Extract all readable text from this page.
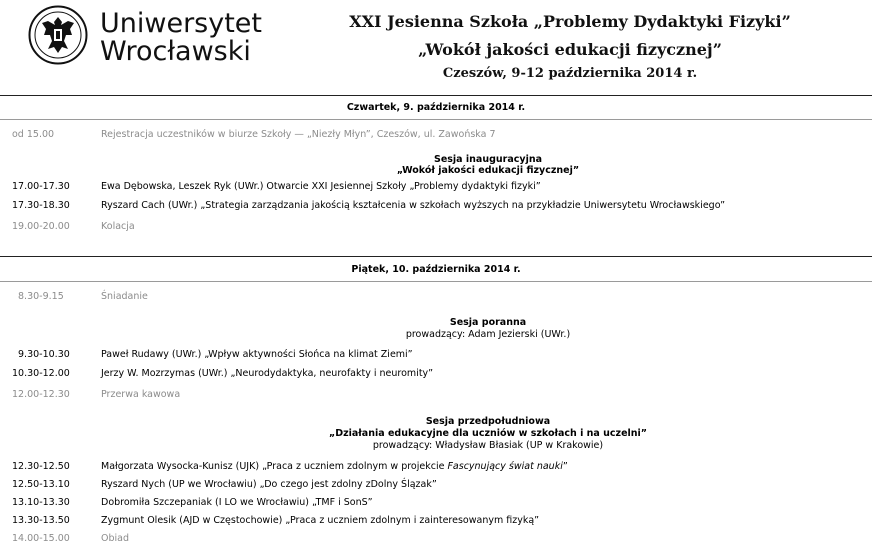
Uniwersytet
Wrocławski
XXI Jesienna Szkoła „Problemy Dydaktyki Fizyki”
„Wokół jakości edukacji fizycznej”
Czeszów, 9-12 października 2014 r.
Czwartek, 9. października 2014 r.
od 15.00	Rejestracja uczestników w biurze Szkoły — „Niezły Młyn”, Czeszów, ul. Zawońska 7
Sesja inauguracyjna
„Wokół jakości edukacji fizycznej”
17.00-17.30	Ewa Dębowska, Leszek Ryk (UWr.) Otwarcie XXI Jesiennej Szkoły „Problemy dydaktyki fizyki”
17.30-18.30	Ryszard Cach (UWr.) „Strategia zarządzania jakością kształcenia w szkołach wyższych na przykładzie Uniwersytetu Wrocławskiego”
19.00-20.00	Kolacja
Piątek, 10. października 2014 r.
8.30-9.15	Śniadanie
Sesja poranna
prowadzący: Adam Jezierski (UWr.)
9.30-10.30	Paweł Rudawy (UWr.) „Wpływ aktywności Słońca na klimat Ziemi”
10.30-12.00	Jerzy W. Mozrzymas (UWr.) „Neurodydaktyka, neurofakty i neuromity”
12.00-12.30	Przerwa kawowa
Sesja przedpołudniowa
„Działania edukacyjne dla uczniów w szkołach i na uczelni”
prowadzący: Władysław Błasiak (UP w Krakowie)
12.30-12.50	Małgorzata Wysocka-Kunisz (UJK) „Praca z uczniem zdolnym w projekcie Fascynujący świat nauki”
12.50-13.10	Ryszard Nych (UP we Wrocławiu) „Do czego jest zdolny zDolny Ślązak”
13.10-13.30	Dobromiła Szczepaniak (I LO we Wrocławiu) „TMF i SonS”
13.30-13.50	Zygmunt Olesik (AJD w Częstochowie) „Praca z uczniem zdolnym i zainteresowanym fizyką”
14.00-15.00	Obiad
